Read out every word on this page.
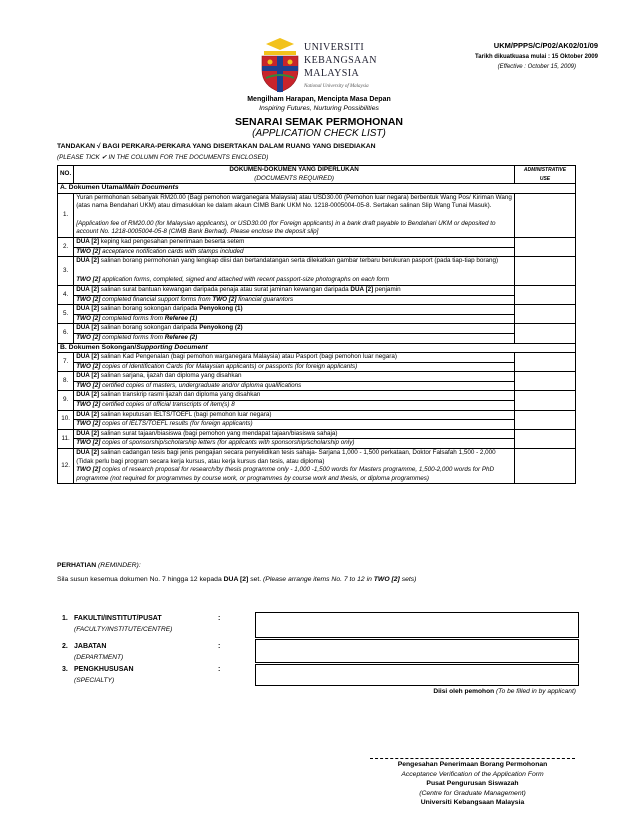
UKM/PPPS/C/P02/AK02/01/09
Tarikh dikuatkuasa mulai : 15 Oktober 2009
(Effective : October 15, 2009)
UNIVERSITI
KEBANGSAAN
MALAYSIA
National University of Malaysia
Mengilham Harapan, Mencipta Masa Depan
Inspiring Futures, Nurturing Possibilities
SENARAI SEMAK PERMOHONAN
(APPLICATION CHECK LIST)
TANDAKAN √ BAGI PERKARA-PERKARA YANG DISERTAKAN DALAM RUANG YANG DISEDIAKAN
(PLEASE TICK ✔ IN THE COLUMN FOR THE DOCUMENTS ENCLOSED)
NO.	DOKUMEN-DOKUMEN YANG DIPERLUKAN
(DOCUMENTS REQUIRED)	ADMINISTRATIVE
USE

A. Dokumen Utama/Main Documents		
1.	Yuran permohonan sebanyak RM20.00 (Bagi pemohon warganegara Malaysia) atau USD30.00 (Pemohon luar negara) berbentuk Wang Pos/ Kiriman Wang (atas nama Bendahari UKM) atau dimasukkan ke dalam akaun CIMB Bank UKM No. 1218-0005004-05-8. Sertakan salinan Slip Wang Tunai Masuk).
[Application fee of RM20.00 (for Malaysian applicants), or USD30.00 (for Foreign applicants) in a bank draft payable to Bendahari UKM or deposited to account No. 1218-0005004-05-8 (CIMB Bank Berhad). Please enclose the deposit slip]	

2.	DUA [2] keping kad pengesahan penerimaan beserta setem
TWO [2] acceptance notification cards with stamps included	

3.	DUA [2] salinan borang permohonan yang lengkap diisi dan bertandatangan serta dilekatkan gambar terbaru berukuran pasport (pada tiap-tiap borang)
TWO [2] application forms, completed, signed and attached with recent passport-size photographs on each form	

4.	DUA [2] salinan surat bantuan kewangan daripada penaja atau surat jaminan kewangan daripada DUA [2] penjamin
TWO [2] completed financial support forms from TWO [2] financial guarantors	

5.	DUA [2] salinan borang sokongan daripada Penyokong (1)
TWO [2] completed forms from Referee (1)	

6.	DUA [2] salinan borang sokongan daripada Penyokong (2)
TWO [2] completed forms from Referee (2)	

B. Dokumen Sokongan/Supporting Document		
7.	DUA [2] salinan Kad Pengenalan (bagi pemohon warganegara Malaysia) atau Pasport (bagi pemohon luar negara)
TWO [2] copies of Identification Cards (for Malaysian applicants) or passports (for foreign applicants)	

8.	DUA [2] salinan sarjana, ijazah dan diploma yang disahkan
TWO [2] certified copies of masters, undergraduate and/or diploma qualifications	

9.	DUA [2] salinan transkrip rasmi ijazah dan diploma yang disahkan
TWO [2] certified copies of official transcripts of item(s) 8	

10.	DUA [2] salinan keputusan IELTS/TOEFL (bagi pemohon luar negara)
TWO [2] copies of IELTS/TOEFL results (for foreign applicants)	

11.	DUA [2] salinan surat tajaan/biasiswa (bagi pemohon yang mendapat tajaan/biasiswa sahaja)
TWO [2] copies of sponsorship/scholarship letters (for applicants with sponsorship/scholarship only)	

12.	DUA [2] salinan cadangan tesis bagi jenis pengajian secara penyelidikan tesis sahaja- Sarjana 1,000 - 1,500 perkataan, Doktor Falsafah 1,500 - 2,000 (Tidak perlu bagi program secara kerja kursus, atau kerja kursus dan tesis, atau diploma)
TWO [2] copies of research proposal for research/by thesis programme only - 1,000 -1,500 words for Masters programme, 1,500-2,000 words for PhD programme (not required for programmes by course work, or programmes by course work and thesis, or diploma programmes)	

PERHATIAN (REMINDER):
Sila susun kesemua dokumen No. 7 hingga 12 kepada DUA [2] set. (Please arrange items No. 7 to 12 in TWO [2] sets)
1. FAKULTI/INSTITUT/PUSAT
(FACULTY/INSTITUTE/CENTRE)
:
2. JABATAN
(DEPARTMENT)
:
3. PENGKHUSUSAN
(SPECIALTY)
:
Diisi oleh pemohon (To be filled in by applicant)
Pengesahan Penerimaan Borang Permohonan
Acceptance Verification of the Application Form
Pusat Pengurusan Siswazah
(Centre for Graduate Management)
Universiti Kebangsaan Malaysia
